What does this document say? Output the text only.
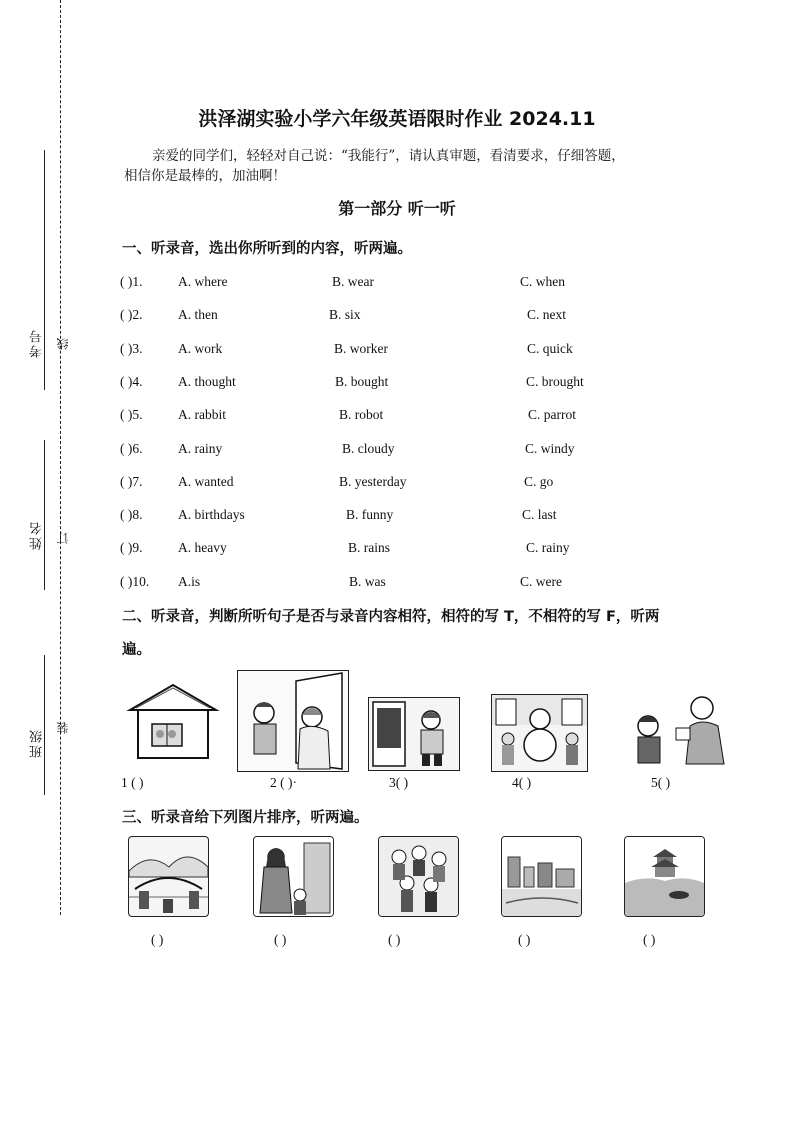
考号 线
姓名 订
班级 装
洪泽湖实验小学六年级英语限时作业 2024.11
亲爱的同学们，轻轻对自己说：“我能行”，请认真审题，看清要求，仔细答题，
相信你是最棒的，加油啊！
第一部分 听一听
一、听录音，选出你所听到的内容，听两遍。
( )1.	A. where	B. wear	C. when
( )2.	A. then	B. six	C. next
( )3.	A. work	B. worker	C. quick
( )4.	A. thought	B. bought	C. brought
( )5.	A. rabbit	B. robot	C. parrot
( )6.	A. rainy	B. cloudy	C. windy
( )7.	A. wanted	B. yesterday	C. go
( )8.	A. birthdays	B. funny	C. last
( )9.	A. heavy	B. rains	C. rainy
( )10. A.is	B. was	C. were
二、听录音，判断所听句子是否与录音内容相符，相符的写 T，不相符的写 F，听两
遍。
1 ( )	2 ( )·	3( )	4( )	5( )
三、听录音给下列图片排序，听两遍。
( )	( )	( )	( )	( )
